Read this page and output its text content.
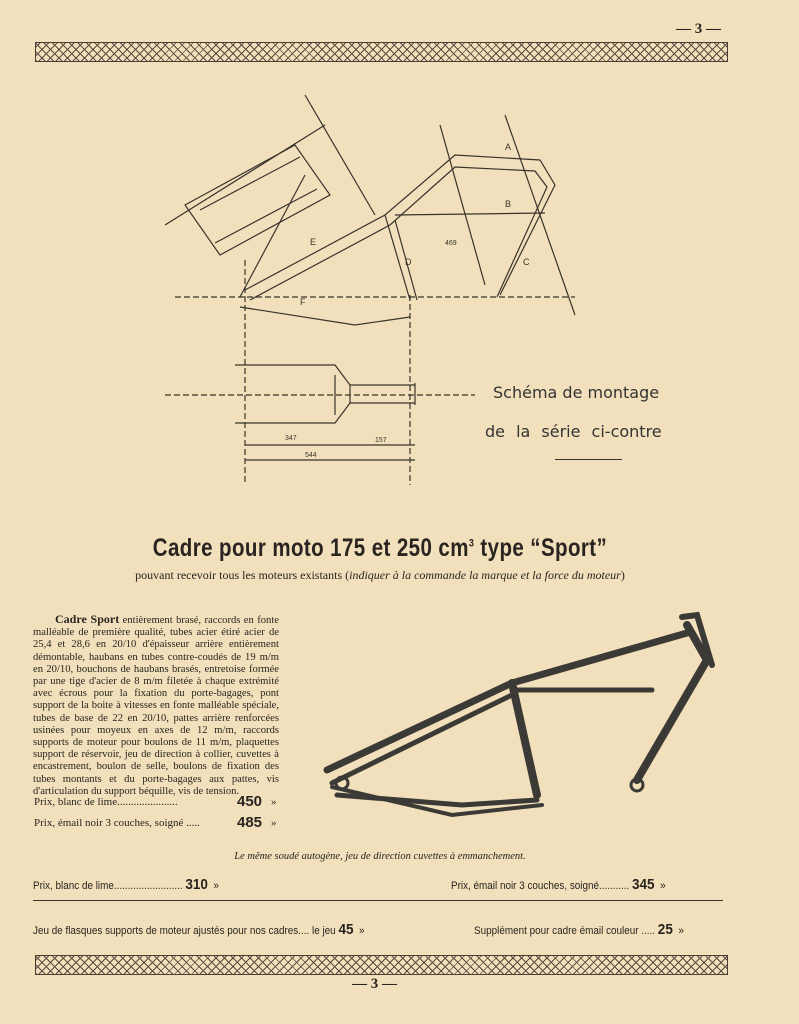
— 3 —
A
B
C
D
E
F
347
544
157
469
Schéma de montage
de la série ci-contre
Cadre pour moto 175 et 250 $cm^3$ type “Sport”
pouvant recevoir tous les moteurs existants (indiquer à la commande la marque et la force du moteur)
Cadre Sport entièrement brasé, raccords en fonte malléable de première qualité, tubes acier étiré acier de 25,4 et 28,6 en 20/10 d'épaisseur arrière entièrement démontable, haubans en tubes contre-coudés de 19 m/m en 20/10, bouchons de haubans brasés, entretoise formée par une tige d'acier de 8 m/m filetée à chaque extrémité avec écrous pour la fixation du porte-bagages, pont support de la boite à vitesses en fonte malléable spéciale, tubes de base de 22 en 20/10, pattes arrière renforcées usinées pour moyeux en axes de 12 m/m, raccords supports de moteur pour boulons de 11 m/m, plaquettes support de réservoir, jeu de direction à collier, cuvettes à encastrement, boulon de selle, boulons de fixation des tubes montants et du porte-bagages aux pattes, vis d'articulation du support béquille, vis de tension.
Prix, blanc de lime......................	450 »
Prix, émail noir 3 couches, soigné ..... 485 »
Le même soudé autogène, jeu de direction cuvettes à emmanchement.
Prix, blanc de lime......................... 310 »	Prix, émail noir 3 couches, soigné........... 345 »
Jeu de flasques supports de moteur ajustés pour nos cadres.... le jeu 45 »	Supplément pour cadre émail couleur ..... 25 »
— 3 —
